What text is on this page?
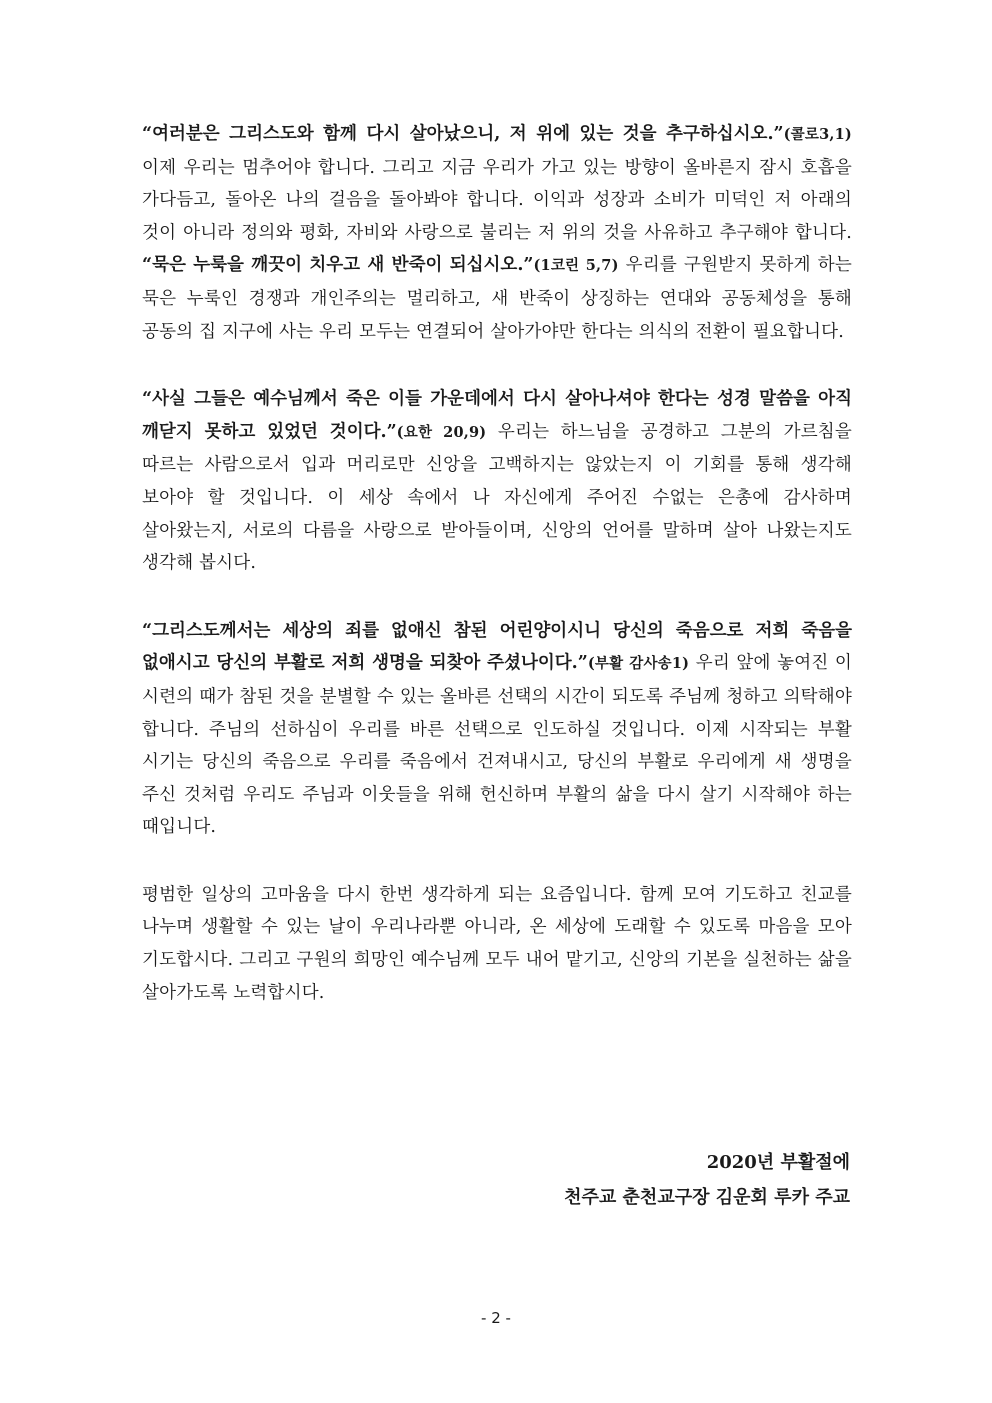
“여러분은 그리스도와 함께 다시 살아났으니, 저 위에 있는 것을 추구하십시오.”(콜로3,1) 이제 우리는 멈추어야 합니다. 그리고 지금 우리가 가고 있는 방향이 올바른지 잠시 호흡을 가다듬고, 돌아온 나의 걸음을 돌아봐야 합니다. 이익과 성장과 소비가 미덕인 저 아래의 것이 아니라 정의와 평화, 자비와 사랑으로 불리는 저 위의 것을 사유하고 추구해야 합니다. “묵은 누룩을 깨끗이 치우고 새 반죽이 되십시오.”(1코린 5,7) 우리를 구원받지 못하게 하는 묵은 누룩인 경쟁과 개인주의는 멀리하고, 새 반죽이 상징하는 연대와 공동체성을 통해 공동의 집 지구에 사는 우리 모두는 연결되어 살아가야만 한다는 의식의 전환이 필요합니다.

“사실 그들은 예수님께서 죽은 이들 가운데에서 다시 살아나셔야 한다는 성경 말씀을 아직 깨닫지 못하고 있었던 것이다.”(요한 20,9) 우리는 하느님을 공경하고 그분의 가르침을 따르는 사람으로서 입과 머리로만 신앙을 고백하지는 않았는지 이 기회를 통해 생각해 보아야 할 것입니다. 이 세상 속에서 나 자신에게 주어진 수없는 은총에 감사하며 살아왔는지, 서로의 다름을 사랑으로 받아들이며, 신앙의 언어를 말하며 살아 나왔는지도 생각해 봅시다.

“그리스도께서는 세상의 죄를 없애신 참된 어린양이시니 당신의 죽음으로 저희 죽음을 없애시고 당신의 부활로 저희 생명을 되찾아 주셨나이다.”(부활 감사송1) 우리 앞에 놓여진 이 시련의 때가 참된 것을 분별할 수 있는 올바른 선택의 시간이 되도록 주님께 청하고 의탁해야 합니다. 주님의 선하심이 우리를 바른 선택으로 인도하실 것입니다. 이제 시작되는 부활 시기는 당신의 죽음으로 우리를 죽음에서 건져내시고, 당신의 부활로 우리에게 새 생명을 주신 것처럼 우리도 주님과 이웃들을 위해 헌신하며 부활의 삶을 다시 살기 시작해야 하는 때입니다.

평범한 일상의 고마움을 다시 한번 생각하게 되는 요즘입니다. 함께 모여 기도하고 친교를 나누며 생활할 수 있는 날이 우리나라뿐 아니라, 온 세상에 도래할 수 있도록 마음을 모아 기도합시다. 그리고 구원의 희망인 예수님께 모두 내어 맡기고, 신앙의 기본을 실천하는 삶을 살아가도록 노력합시다.

2020년 부활절에
천주교 춘천교구장 김운회 루카 주교
- 2 -
